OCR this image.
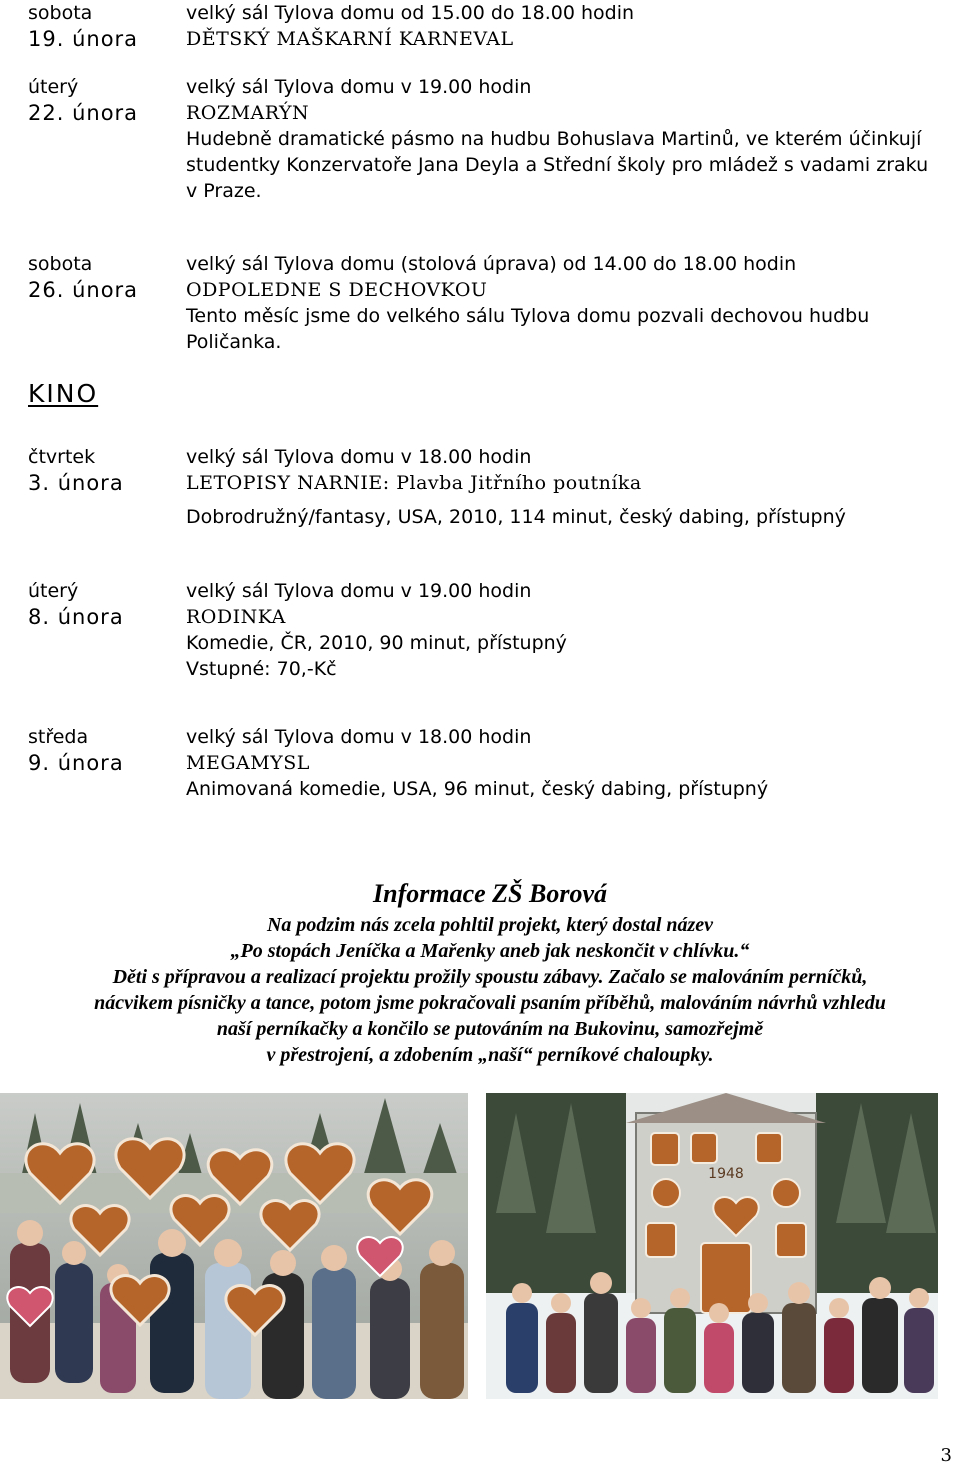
sobota
19. února
velký sál Tylova domu od 15.00 do 18.00 hodin
DĚTSKÝ MAŠKARNÍ KARNEVAL
úterý
22. února
velký sál Tylova domu v 19.00 hodin
ROZMARÝN
Hudebně dramatické pásmo na hudbu Bohuslava Martinů, ve kterém účinkují
studentky Konzervatoře Jana Deyla a Střední školy pro mládež s vadami zraku
v Praze.
sobota
26. února
velký sál Tylova domu (stolová úprava) od 14.00 do 18.00 hodin
ODPOLEDNE S DECHOVKOU
Tento měsíc jsme do velkého sálu Tylova domu pozvali dechovou hudbu
Poličanka.
KINO
čtvrtek
3. února
velký sál Tylova domu v 18.00 hodin
LETOPISY NARNIE: Plavba Jitřního poutníka
Dobrodružný/fantasy, USA, 2010, 114 minut, český dabing, přístupný
úterý
8. února
velký sál Tylova domu v 19.00 hodin
RODINKA
Komedie, ČR, 2010, 90 minut, přístupný
Vstupné: 70,-Kč
středa
9. února
velký sál Tylova domu v 18.00 hodin
MEGAMYSL
Animovaná komedie, USA, 96 minut, český dabing, přístupný
Informace ZŠ Borová
Na podzim nás zcela pohltil projekt, který dostal název
„Po stopách Jeníčka a Mařenky aneb jak neskončit v chlívku.“
Děti s přípravou a realizací projektu prožily spoustu zábavy. Začalo se malováním perníčků,
nácvikem písničky a tance, potom jsme pokračovali psaním příběhů, malováním návrhů vzhledu
naší perníkačky a končilo se putováním na Bukovinu, samozřejmě
v přestrojení, a zdobením „naší“ perníkové chaloupky.
1948
3
